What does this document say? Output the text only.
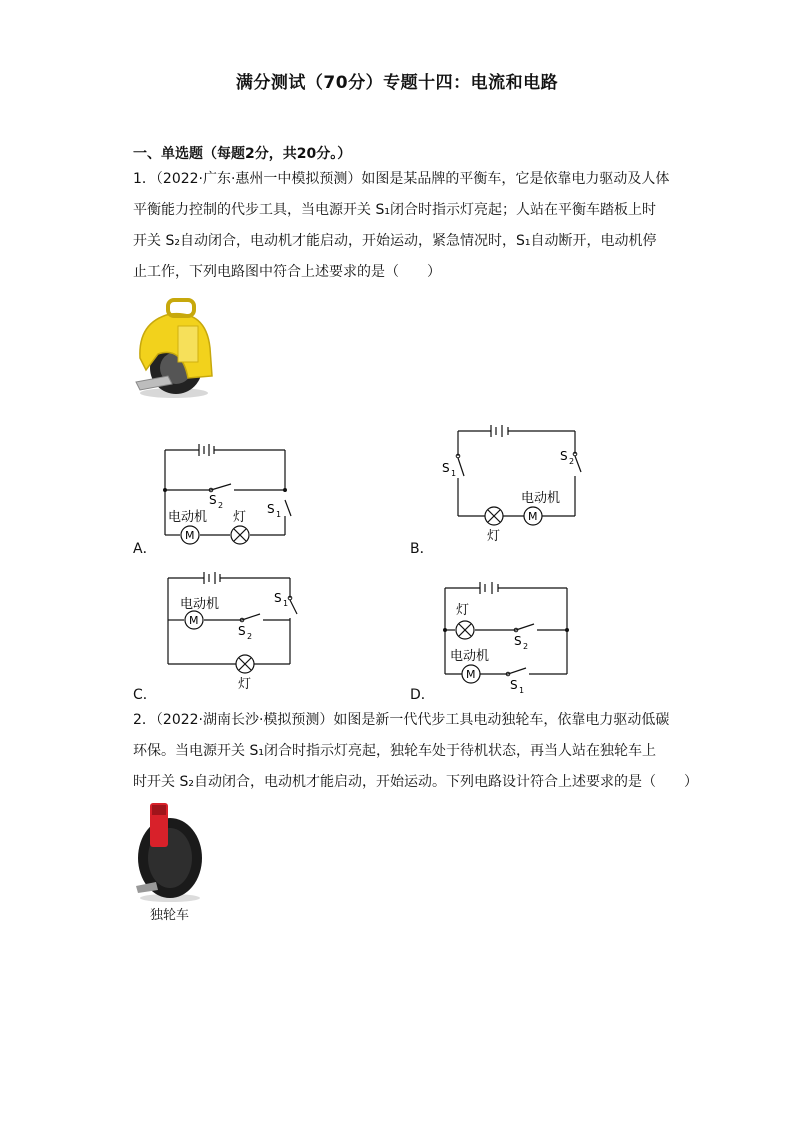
满分测试（70分）专题十四：电流和电路
一、单选题（每题2分，共20分。）

1．（2022·广东·惠州一中模拟预测）如图是某品牌的平衡车，它是依靠电力驱动及人体

平衡能力控制的代步工具，当电源开关 S₁闭合时指示灯亮起；人站在平衡车踏板上时

开关 S₂自动闭合，电动机才能启动，开始运动，紧急情况时，S₁自动断开，电动机停

止工作，下列电路图中符合上述要求的是（　　）

M
电动机 灯
S 2	S 1
A．
M
电动机
灯
S 1
S 2
B．
M
电动机
灯
S 2
S 1
C．
M
电动机
灯
S 2
S 1
D．

2．（2022·湖南长沙·模拟预测）如图是新一代代步工具电动独轮车，依靠电力驱动低碳

环保。当电源开关 S₁闭合时指示灯亮起，独轮车处于待机状态，再当人站在独轮车上

时开关 S₂自动闭合，电动机才能启动，开始运动。下列电路设计符合上述要求的是（　　）

独轮车
